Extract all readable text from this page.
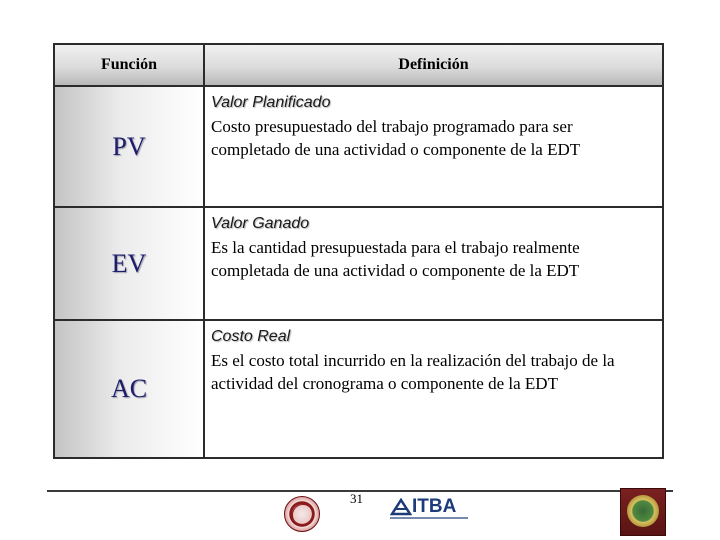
Función	Definición
PV
Valor Planificado
Costo presupuestado del trabajo programado para ser completado de una actividad o componente de la EDT
EV
Valor Ganado
Es la cantidad presupuestada para el trabajo realmente completada de una actividad o componente de la EDT
AC
Costo Real
Es el costo total incurrido en la realización del trabajo de la actividad del cronograma o componente de la EDT
31	ITBA
